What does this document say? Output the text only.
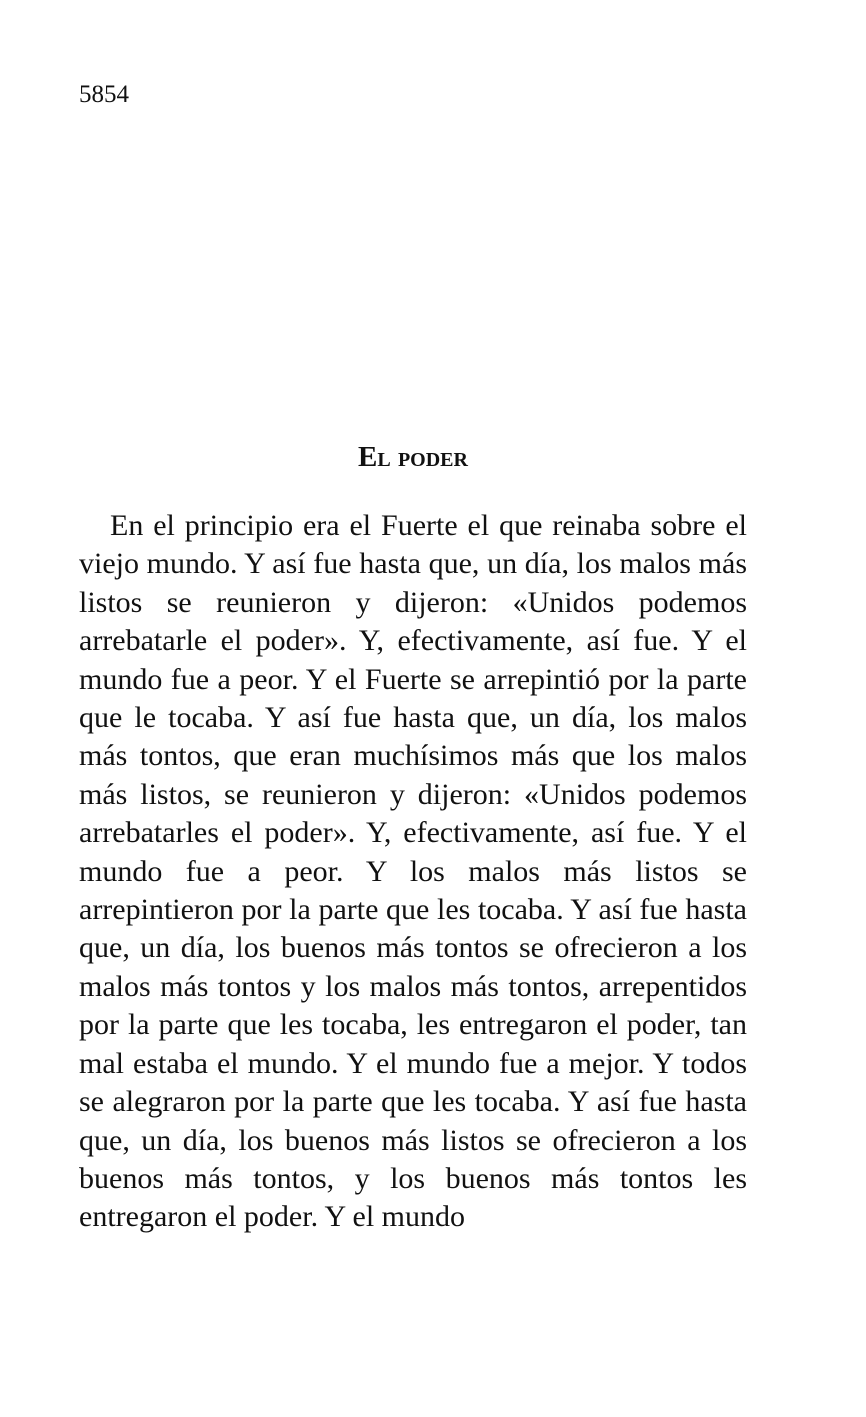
5854

El poder

En el principio era el Fuerte el que reinaba sobre el viejo mundo. Y así fue hasta que, un día, los malos más listos se reunieron y dijeron: «Unidos podemos arrebatarle el poder». Y, efectivamente, así fue. Y el mundo fue a peor. Y el Fuerte se arrepintió por la parte que le tocaba. Y así fue hasta que, un día, los malos más tontos, que eran muchísimos más que los malos más listos, se reunieron y dijeron: «Unidos podemos arrebatarles el poder». Y, efectivamente, así fue. Y el mundo fue a peor. Y los malos más listos se arrepintieron por la parte que les tocaba. Y así fue hasta que, un día, los buenos más tontos se ofrecieron a los malos más tontos y los malos más tontos, arrepentidos por la parte que les tocaba, les entregaron el poder, tan mal estaba el mundo. Y el mundo fue a mejor. Y todos se alegraron por la parte que les tocaba. Y así fue hasta que, un día, los buenos más listos se ofrecieron a los buenos más tontos, y los buenos más tontos les entregaron el poder. Y el mundo
